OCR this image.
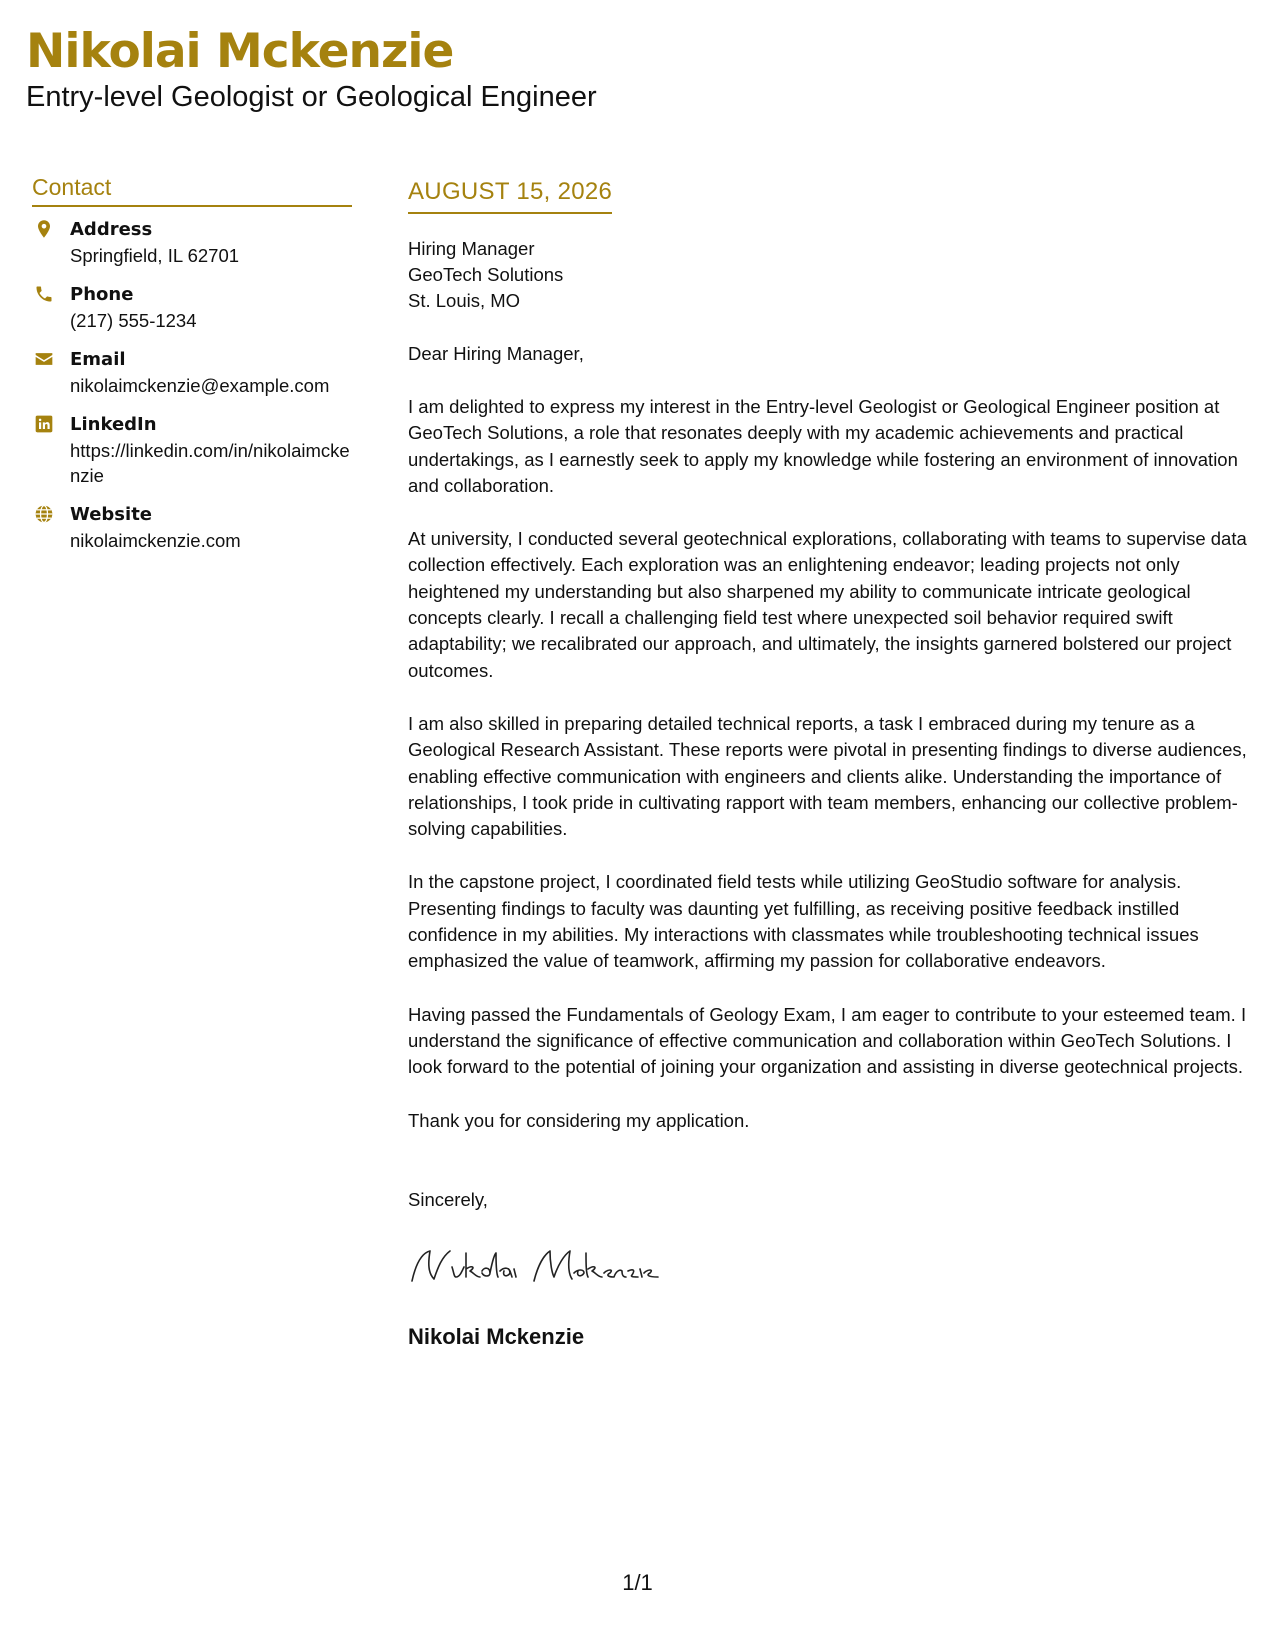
Nikolai Mckenzie
Entry-level Geologist or Geological Engineer
Contact
Address
Springfield, IL 62701
Phone
(217) 555-1234
Email
nikolaimckenzie@example.com
LinkedIn
https://linkedin.com/in/nikolaimckenzie
Website
nikolaimckenzie.com
AUGUST 15, 2026
Hiring Manager
GeoTech Solutions
St. Louis, MO
Dear Hiring Manager,
I am delighted to express my interest in the Entry-level Geologist or Geological Engineer position at GeoTech Solutions, a role that resonates deeply with my academic achievements and practical undertakings, as I earnestly seek to apply my knowledge while fostering an environment of innovation and collaboration.
At university, I conducted several geotechnical explorations, collaborating with teams to supervise data collection effectively. Each exploration was an enlightening endeavor; leading projects not only heightened my understanding but also sharpened my ability to communicate intricate geological concepts clearly. I recall a challenging field test where unexpected soil behavior required swift adaptability; we recalibrated our approach, and ultimately, the insights garnered bolstered our project outcomes.
I am also skilled in preparing detailed technical reports, a task I embraced during my tenure as a Geological Research Assistant. These reports were pivotal in presenting findings to diverse audiences, enabling effective communication with engineers and clients alike. Understanding the importance of relationships, I took pride in cultivating rapport with team members, enhancing our collective problem-solving capabilities.
In the capstone project, I coordinated field tests while utilizing GeoStudio software for analysis. Presenting findings to faculty was daunting yet fulfilling, as receiving positive feedback instilled confidence in my abilities. My interactions with classmates while troubleshooting technical issues emphasized the value of teamwork, affirming my passion for collaborative endeavors.
Having passed the Fundamentals of Geology Exam, I am eager to contribute to your esteemed team. I understand the significance of effective communication and collaboration within GeoTech Solutions. I look forward to the potential of joining your organization and assisting in diverse geotechnical projects.
Thank you for considering my application.
Sincerely,
Nikolai Mckenzie
1/1
